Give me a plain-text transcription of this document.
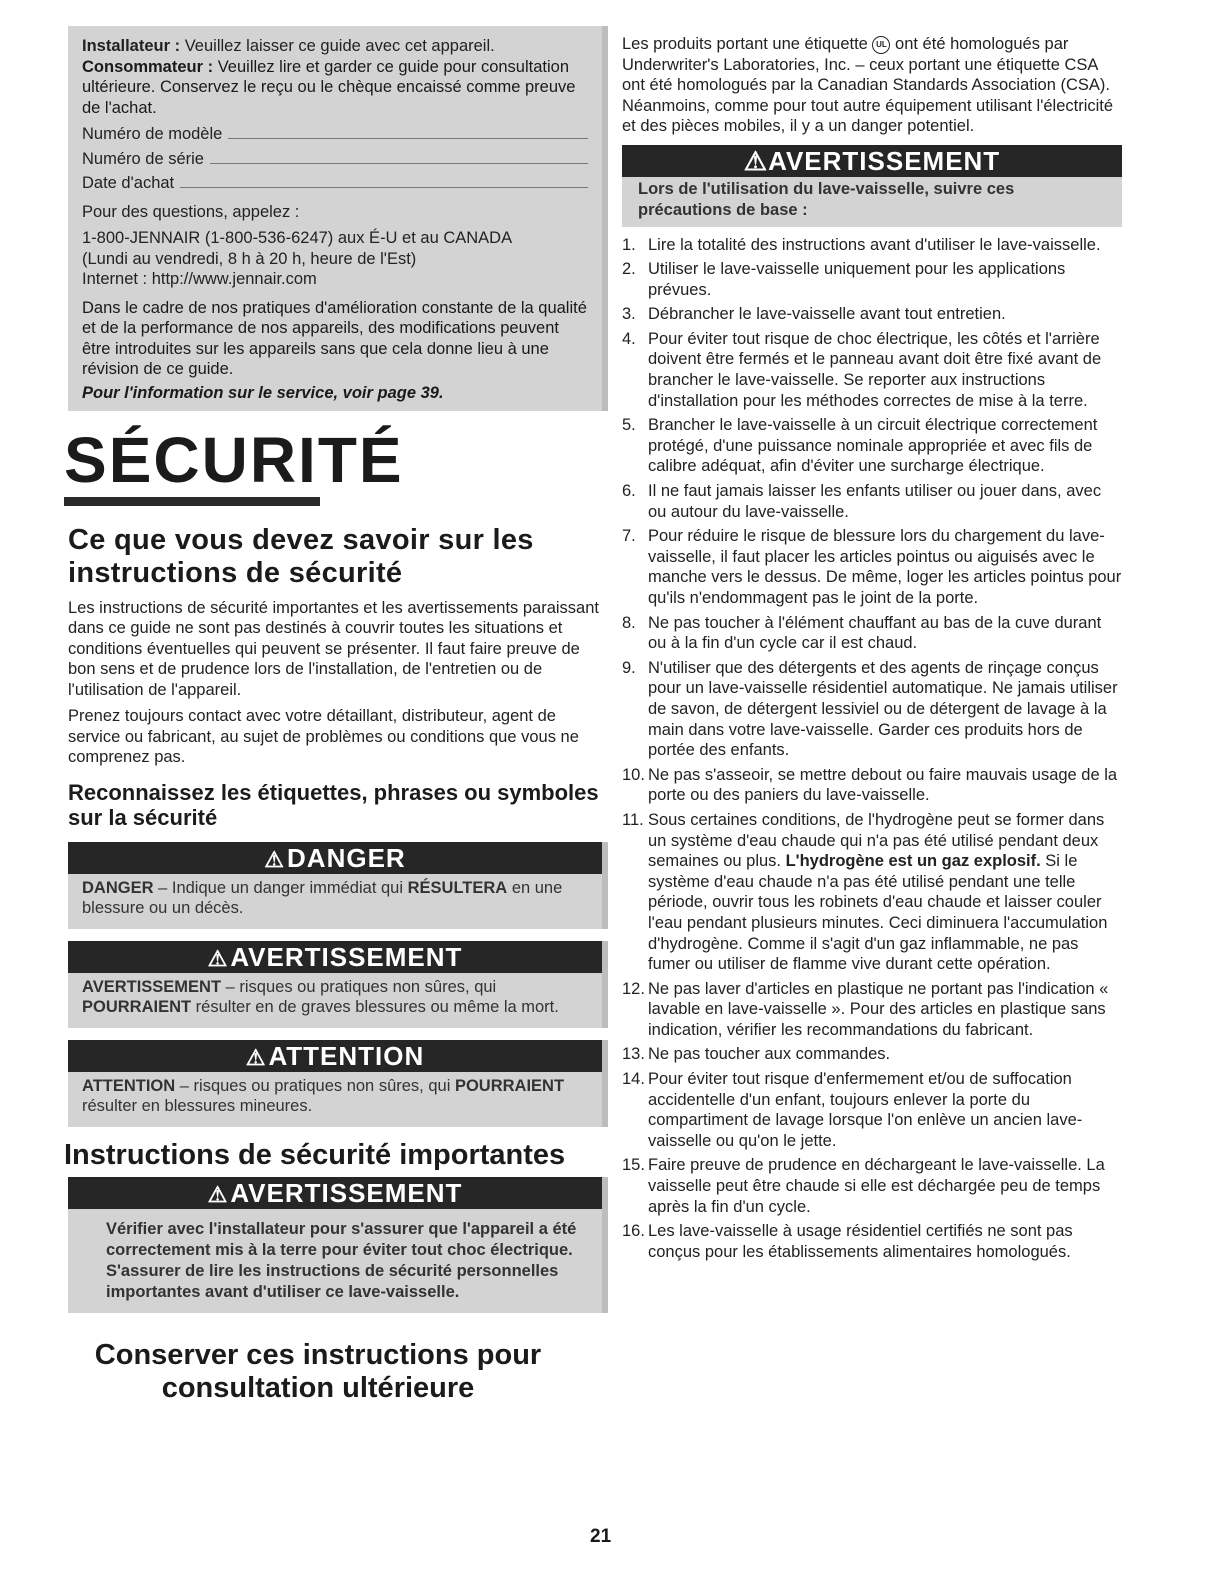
Installateur : Veuillez laisser ce guide avec cet appareil.
Consommateur : Veuillez lire et garder ce guide pour consultation ultérieure. Conservez le reçu ou le chèque encaissé comme preuve de l'achat.
Numéro de modèle
Numéro de série
Date d'achat
Pour des questions, appelez :
1-800-JENNAIR (1-800-536-6247) aux É-U et au CANADA
(Lundi au vendredi, 8 h à 20 h, heure de l'Est)
Internet : http://www.jennair.com
Dans le cadre de nos pratiques d'amélioration constante de la qualité et de la performance de nos appareils, des modifications peuvent être introduites sur les appareils sans que cela donne lieu à une révision de ce guide.
Pour l'information sur le service, voir page 39.
SÉCURITÉ
Ce que vous devez savoir sur les instructions de sécurité

Les instructions de sécurité importantes et les avertissements paraissant dans ce guide ne sont pas destinés à couvrir toutes les situations et conditions éventuelles qui peuvent se présenter. Il faut faire preuve de bon sens et de prudence lors de l'installation, de l'entretien ou de l'utilisation de l'appareil.

Prenez toujours contact avec votre détaillant, distributeur, agent de service ou fabricant, au sujet de problèmes ou conditions que vous ne comprenez pas.

Reconnaissez les étiquettes, phrases ou symboles sur la sécurité
⚠DANGER
DANGER – Indique un danger immédiat qui RÉSULTERA en une blessure ou un décès.
⚠AVERTISSEMENT
AVERTISSEMENT – risques ou pratiques non sûres, qui POURRAIENT résulter en de graves blessures ou même la mort.
⚠ATTENTION
ATTENTION – risques ou pratiques non sûres, qui POURRAIENT résulter en blessures mineures.
Instructions de sécurité importantes
⚠AVERTISSEMENT
Vérifier avec l'installateur pour s'assurer que l'appareil a été correctement mis à la terre pour éviter tout choc électrique. S'assurer de lire les instructions de sécurité personnelles importantes avant d'utiliser ce lave-vaisselle.
Conserver ces instructions pour consultation ultérieure
21

Les produits portant une étiquette UL ont été homologués par Underwriter's Laboratories, Inc. – ceux portant une étiquette CSA ont été homologués par la Canadian Standards Association (CSA). Néanmoins, comme pour tout autre équipement utilisant l'électricité et des pièces mobiles, il y a un danger potentiel.

⚠AVERTISSEMENT
Lors de l'utilisation du lave-vaisselle, suivre ces précautions de base :
1. Lire la totalité des instructions avant d'utiliser le lave-vaisselle.
2. Utiliser le lave-vaisselle uniquement pour les applications prévues.
3. Débrancher le lave-vaisselle avant tout entretien.
4. Pour éviter tout risque de choc électrique, les côtés et l'arrière doivent être fermés et le panneau avant doit être fixé avant de brancher le lave-vaisselle. Se reporter aux instructions d'installation pour les méthodes correctes de mise à la terre.
5. Brancher le lave-vaisselle à un circuit électrique correctement protégé, d'une puissance nominale appropriée et avec fils de calibre adéquat, afin d'éviter une surcharge électrique.
6. Il ne faut jamais laisser les enfants utiliser ou jouer dans, avec ou autour du lave-vaisselle.
7. Pour réduire le risque de blessure lors du chargement du lave-vaisselle, il faut placer les articles pointus ou aiguisés avec le manche vers le dessus. De même, loger les articles pointus pour qu'ils n'endommagent pas le joint de la porte.
8. Ne pas toucher à l'élément chauffant au bas de la cuve durant ou à la fin d'un cycle car il est chaud.
9. N'utiliser que des détergents et des agents de rinçage conçus pour un lave-vaisselle résidentiel automatique. Ne jamais utiliser de savon, de détergent lessiviel ou de détergent de lavage à la main dans votre lave-vaisselle. Garder ces produits hors de portée des enfants.
10. Ne pas s'asseoir, se mettre debout ou faire mauvais usage de la porte ou des paniers du lave-vaisselle.
11. Sous certaines conditions, de l'hydrogène peut se former dans un système d'eau chaude qui n'a pas été utilisé pendant deux semaines ou plus. L'hydrogène est un gaz explosif. Si le système d'eau chaude n'a pas été utilisé pendant une telle période, ouvrir tous les robinets d'eau chaude et laisser couler l'eau pendant plusieurs minutes. Ceci diminuera l'accumulation d'hydrogène. Comme il s'agit d'un gaz inflammable, ne pas fumer ou utiliser de flamme vive durant cette opération.
12. Ne pas laver d'articles en plastique ne portant pas l'indication « lavable en lave-vaisselle ». Pour des articles en plastique sans indication, vérifier les recommandations du fabricant.
13. Ne pas toucher aux commandes.
14. Pour éviter tout risque d'enfermement et/ou de suffocation accidentelle d'un enfant, toujours enlever la porte du compartiment de lavage lorsque l'on enlève un ancien lave-vaisselle ou qu'on le jette.
15. Faire preuve de prudence en déchargeant le lave-vaisselle. La vaisselle peut être chaude si elle est déchargée peu de temps après la fin d'un cycle.
16. Les lave-vaisselle à usage résidentiel certifiés ne sont pas conçus pour les établissements alimentaires homologués.
